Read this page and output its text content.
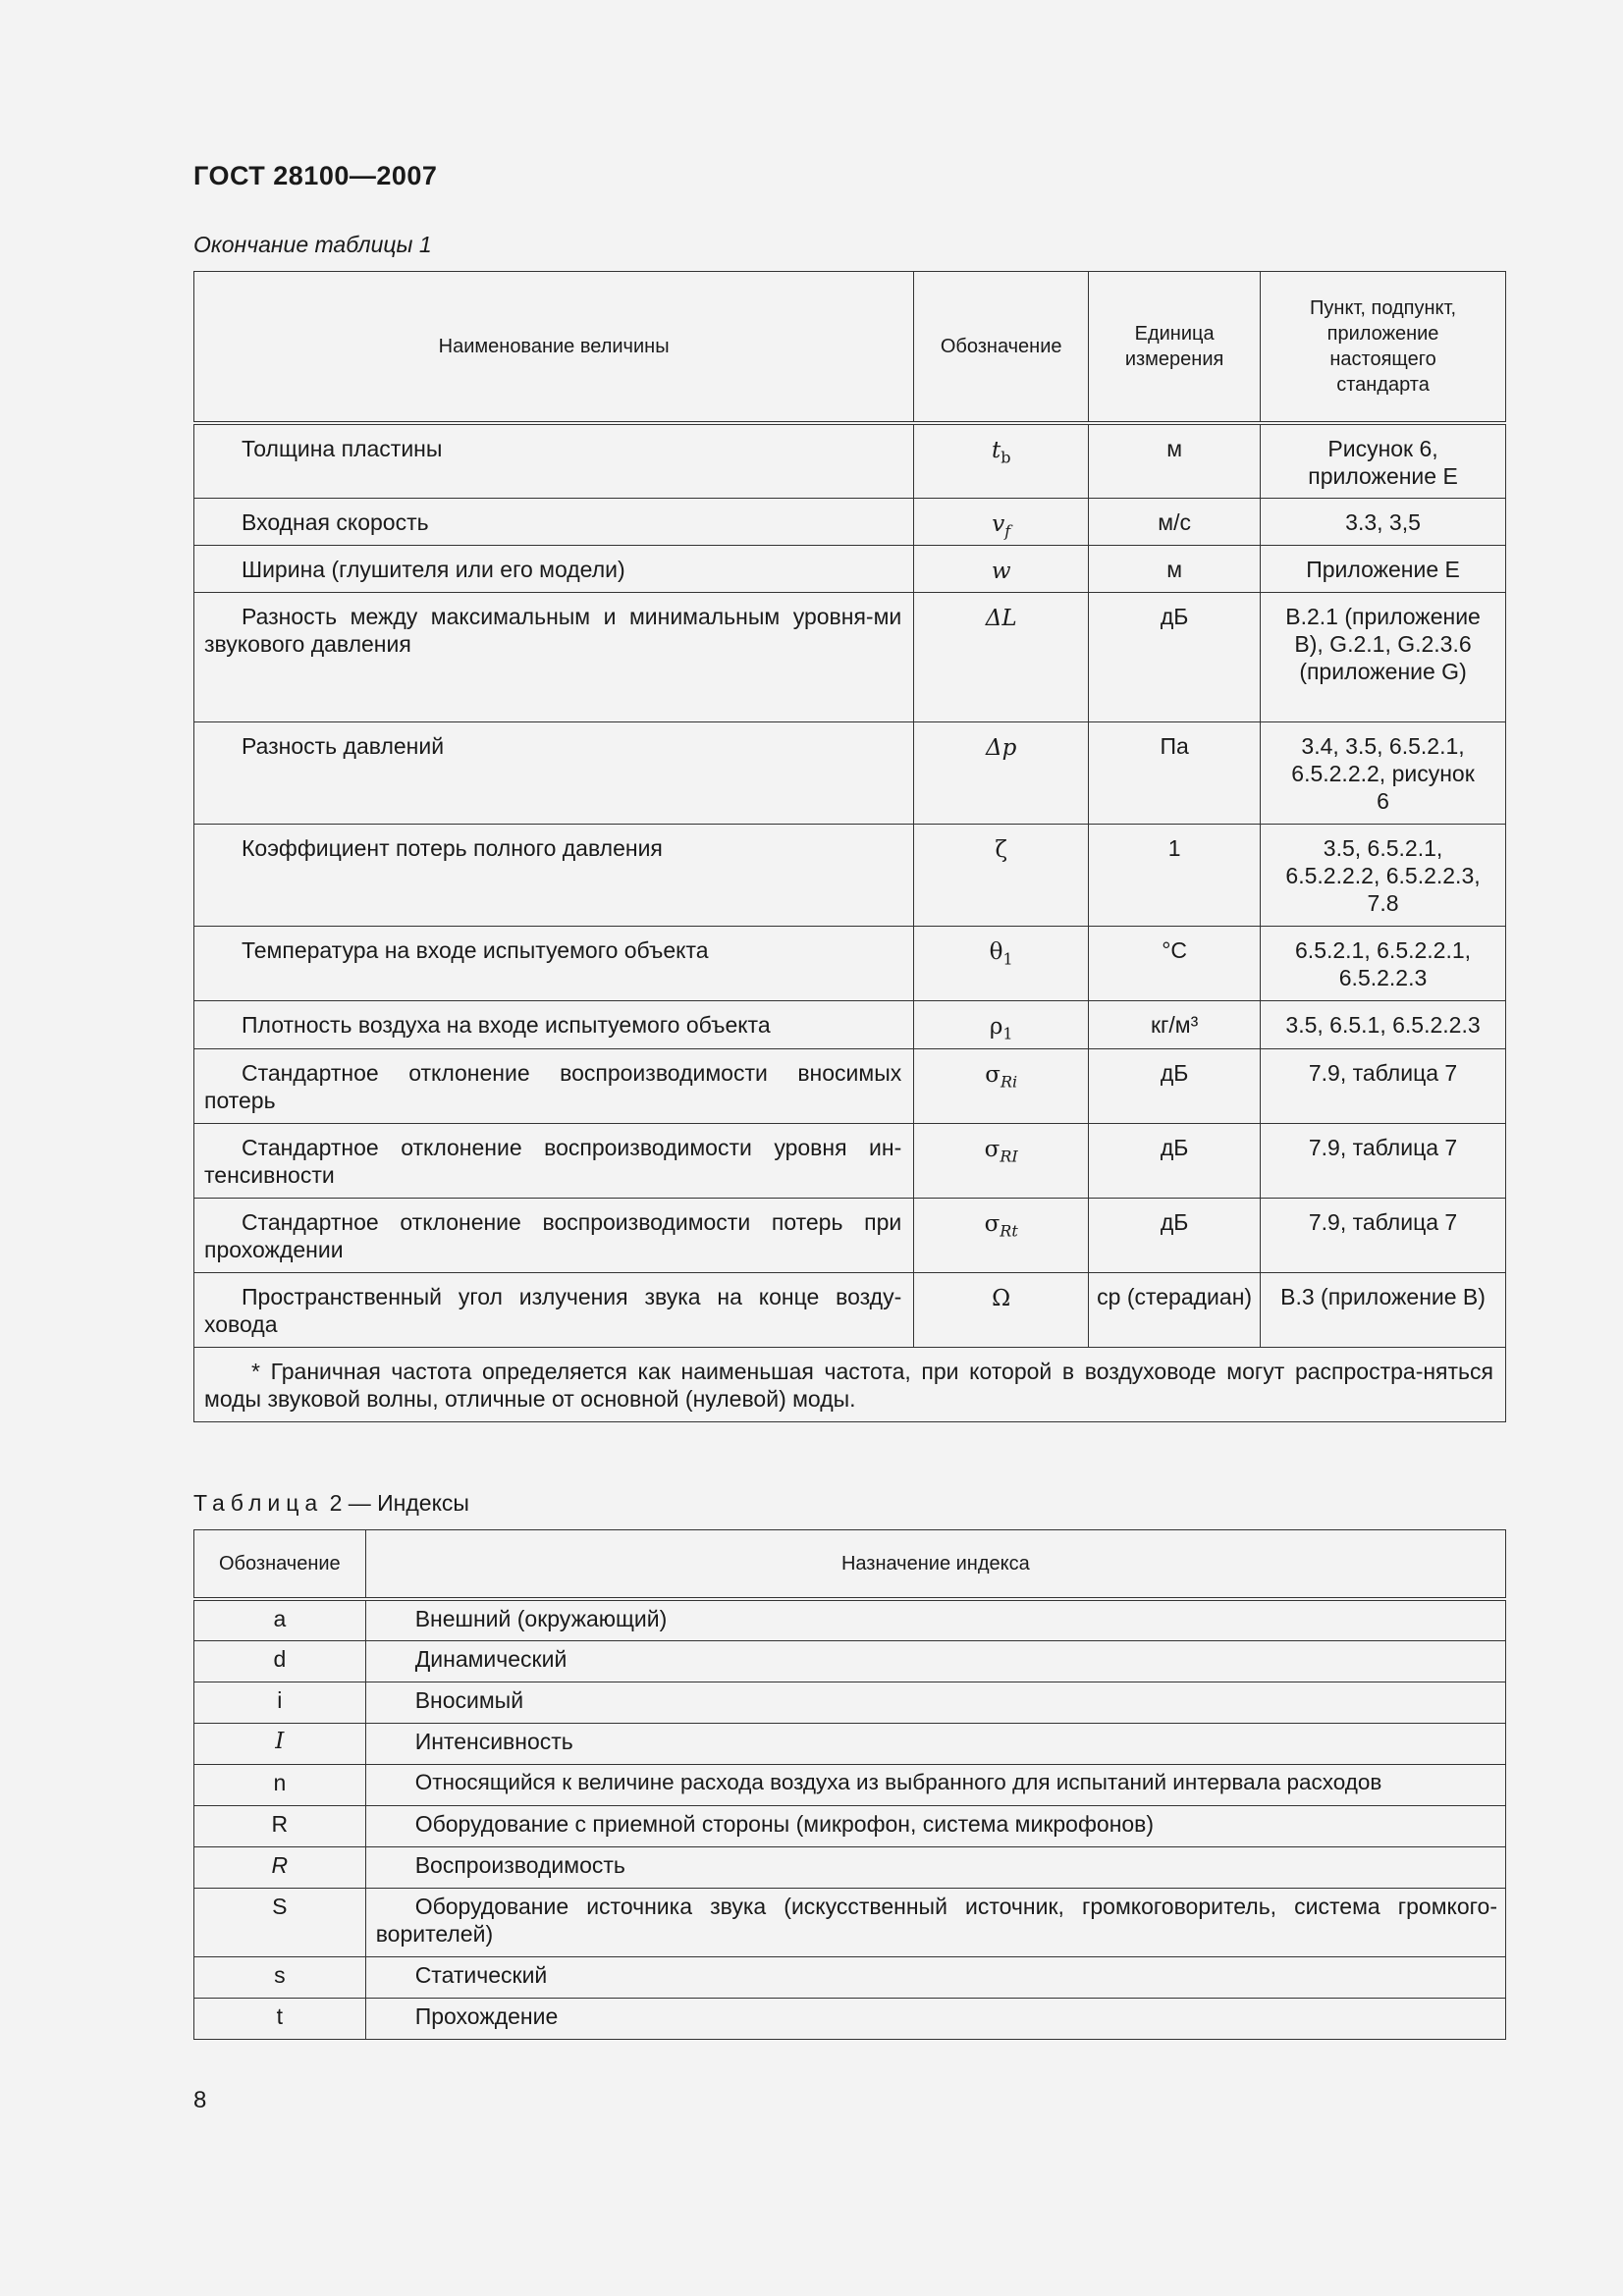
ГОСТ 28100—2007
Окончание таблицы 1
Наименование величины	Обозначение	Единица измерения	Пункт, подпункт, приложение настоящего стандарта
Толщина пластины	$t_b$	м	Рисунок 6, приложение Е
Входная скорость	$v_f$	м/с	3.3, 3,5
Ширина (глушителя или его модели)	w	м	Приложение Е
Разность между максимальным и минимальным уровня-ми звукового давления	ΔL	дБ	В.2.1 (приложение В), G.2.1, G.2.3.6 (приложение G)
Разность давлений	Δp	Па	3.4, 3.5, 6.5.2.1, 6.5.2.2.2, рисунок 6
Коэффициент потерь полного давления	ζ	1	3.5, 6.5.2.1, 6.5.2.2.2, 6.5.2.2.3, 7.8
Температура на входе испытуемого объекта	$\theta_1$	°С	6.5.2.1, 6.5.2.2.1, 6.5.2.2.3
Плотность воздуха на входе испытуемого объекта	$\rho_1$	кг/м³	3.5, 6.5.1, 6.5.2.2.3
Стандартное отклонение воспроизводимости вносимых потерь	$\sigma_{Ri}$	дБ	7.9, таблица 7
Стандартное отклонение воспроизводимости уровня ин-тенсивности	$\sigma_{RI}$	дБ	7.9, таблица 7
Стандартное отклонение воспроизводимости потерь при прохождении	$\sigma_{Rt}$	дБ	7.9, таблица 7
Пространственный угол излучения звука на конце возду-ховода	Ω	ср (стерадиан)	В.3 (приложение В)
* Граничная частота определяется как наименьшая частота, при которой в воздуховоде могут распростра-няться моды звуковой волны, отличные от основной (нулевой) моды.			
Таблица 2 — Индексы
Обозначение	Назначение индекса
a	Внешний (окружающий)
d	Динамический
i	Вносимый
I	Интенсивность
n	Относящийся к величине расхода воздуха из выбранного для испытаний интервала расходов
R	Оборудование с приемной стороны (микрофон, система микрофонов)
R	Воспроизводимость
S	Оборудование источника звука (искусственный источник, громкоговоритель, система громкого-ворителей)
s	Статический
t	Прохождение
8
